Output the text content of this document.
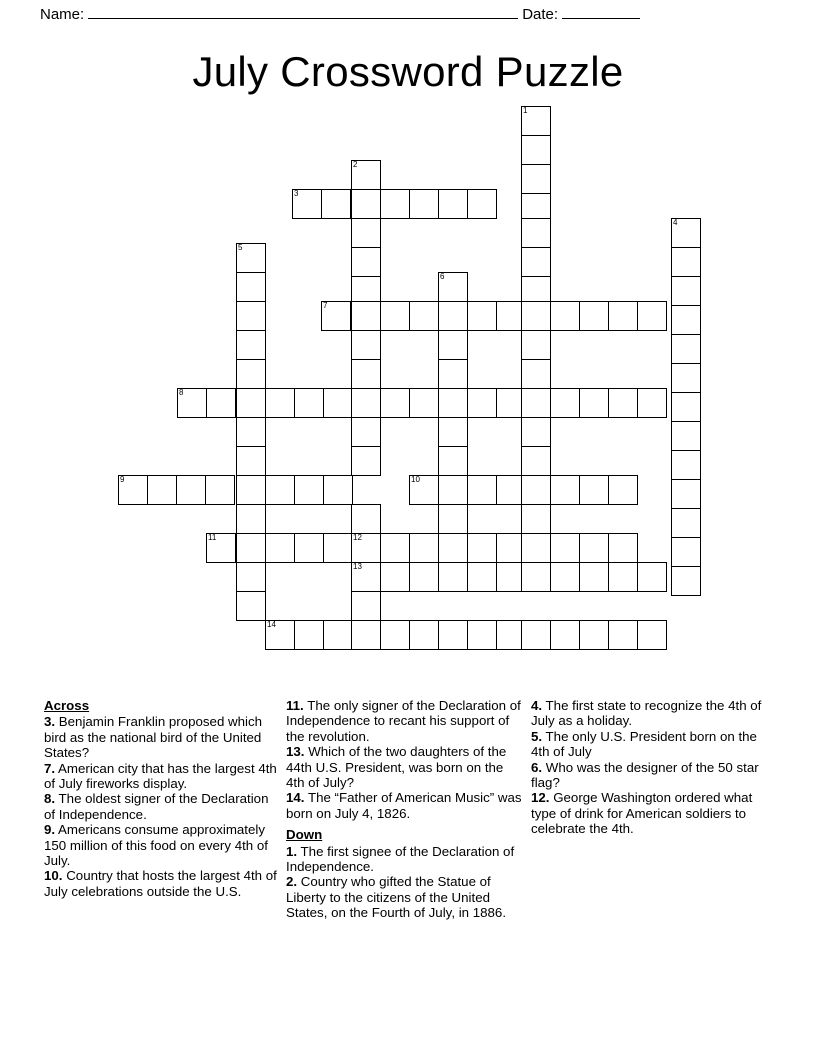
Name:	Date:
July Crossword Puzzle
1
2
3
4
5
6
7
8
9	10
11	12
13
14
Across
3. Benjamin Franklin proposed which bird as the national bird of the United States?
7. American city that has the largest 4th of July fireworks display.
8. The oldest signer of the Declaration of Independence.
9. Americans consume approximately 150 million of this food on every 4th of July.
10. Country that hosts the largest 4th of July celebrations outside the U.S.
11. The only signer of the Declaration of Independence to recant his support of the revolution.
13. Which of the two daughters of the 44th U.S. President, was born on the 4th of July?
14. The “Father of American Music” was born on July 4, 1826.
Down
1. The first signee of the Declaration of Independence.
2. Country who gifted the Statue of Liberty to the citizens of the United States, on the Fourth of July, in 1886.
4. The first state to recognize the 4th of July as a holiday.
5. The only U.S. President born on the 4th of July
6. Who was the designer of the 50 star flag?
12. George Washington ordered what type of drink for American soldiers to celebrate the 4th.
